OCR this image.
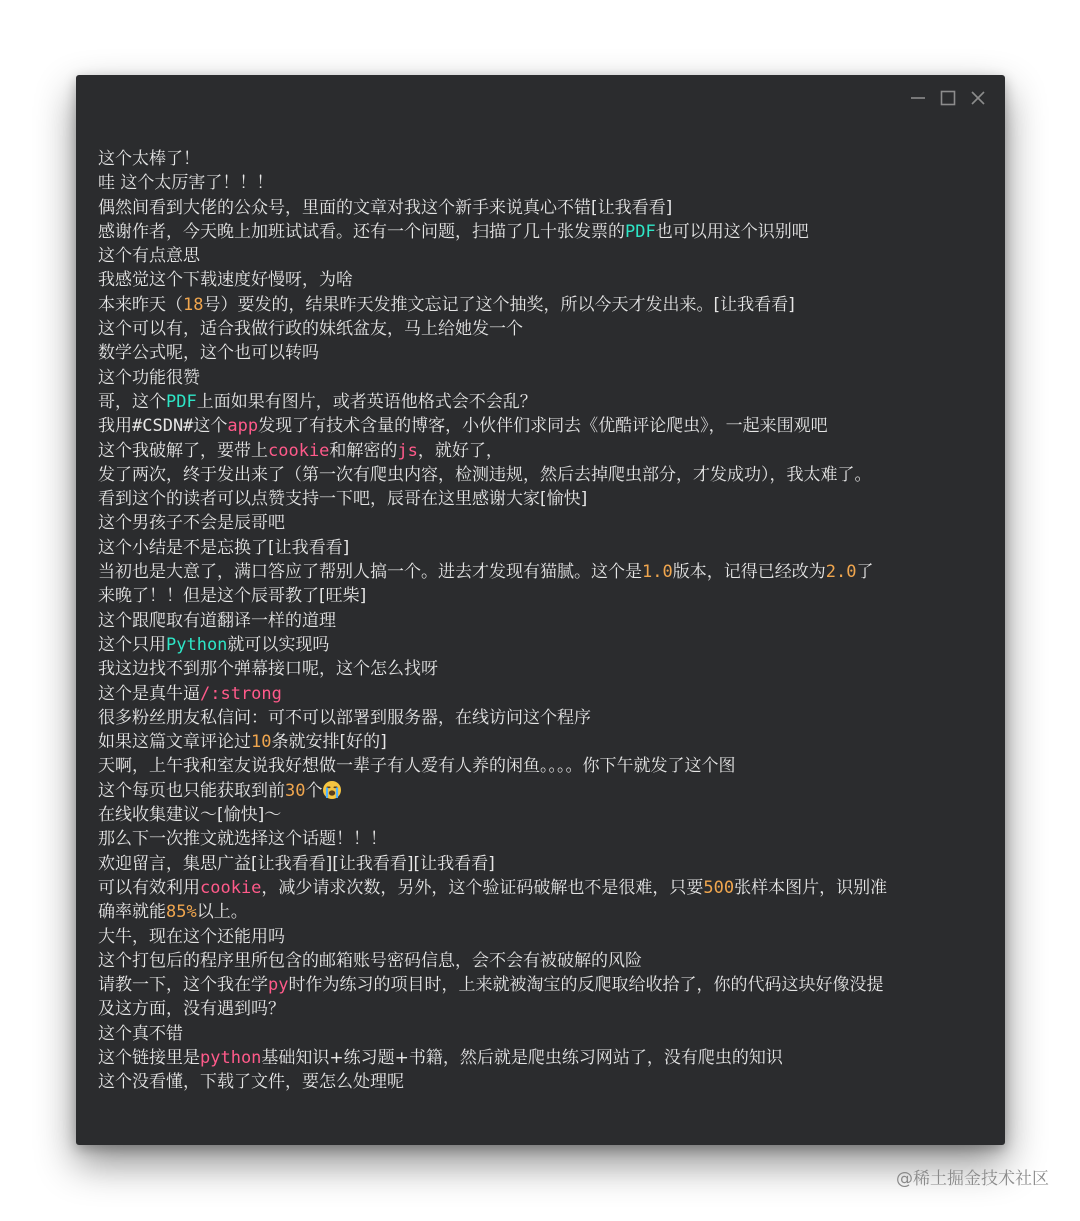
这个太棒了！
哇 这个太厉害了！！！
偶然间看到大佬的公众号，里面的文章对我这个新手来说真心不错[让我看看]
感谢作者，今天晚上加班试试看。还有一个问题，扫描了几十张发票的PDF也可以用这个识别吧
这个有点意思
我感觉这个下载速度好慢呀，为啥
本来昨天（18号）要发的，结果昨天发推文忘记了这个抽奖，所以今天才发出来。[让我看看]
这个可以有，适合我做行政的妹纸盆友，马上给她发一个
数学公式呢，这个也可以转吗
这个功能很赞
哥，这个PDF上面如果有图片，或者英语他格式会不会乱？
我用#CSDN#这个app发现了有技术含量的博客，小伙伴们求同去《优酷评论爬虫》，一起来围观吧
这个我破解了，要带上cookie和解密的js，就好了，
发了两次，终于发出来了（第一次有爬虫内容，检测违规，然后去掉爬虫部分，才发成功），我太难了。
看到这个的读者可以点赞支持一下吧，辰哥在这里感谢大家[愉快]
这个男孩子不会是辰哥吧
这个小结是不是忘换了[让我看看]
当初也是大意了，满口答应了帮别人搞一个。进去才发现有猫腻。这个是1.0版本，记得已经改为2.0了
来晚了！！但是这个辰哥教了[旺柴]
这个跟爬取有道翻译一样的道理
这个只用Python就可以实现吗
我这边找不到那个弹幕接口呢，这个怎么找呀
这个是真牛逼/:strong
很多粉丝朋友私信问：可不可以部署到服务器，在线访问这个程序
如果这篇文章评论过10条就安排[好的]
天啊，上午我和室友说我好想做一辈子有人爱有人养的闲鱼。。。。你下午就发了这个图
这个每页也只能获取到前30个
在线收集建议～[愉快]～
那么下一次推文就选择这个话题！！！
欢迎留言，集思广益[让我看看][让我看看][让我看看]
可以有效利用cookie，减少请求次数，另外，这个验证码破解也不是很难，只要500张样本图片，识别准
确率就能85%以上。
大牛，现在这个还能用吗
这个打包后的程序里所包含的邮箱账号密码信息，会不会有被破解的风险
请教一下，这个我在学py时作为练习的项目时，上来就被淘宝的反爬取给收拾了，你的代码这块好像没提
及这方面，没有遇到吗？
这个真不错
这个链接里是python基础知识+练习题+书籍，然后就是爬虫练习网站了，没有爬虫的知识
这个没看懂，下载了文件，要怎么处理呢
@稀土掘金技术社区
